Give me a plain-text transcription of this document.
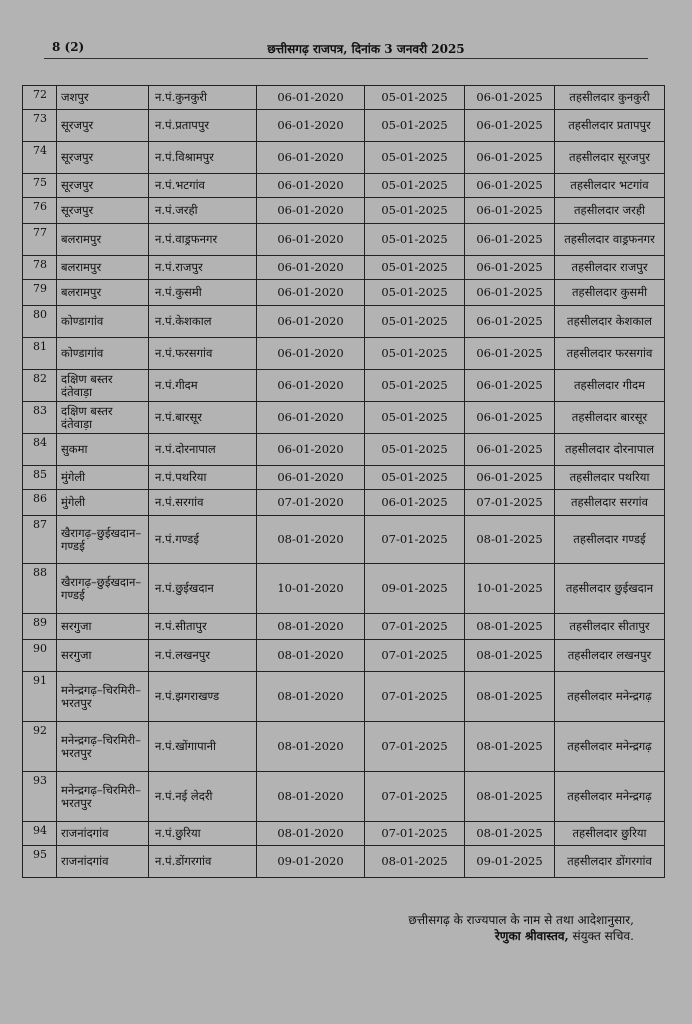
8 (2)	छत्तीसगढ़ राजपत्र, दिनांक 3 जनवरी 2025
72	जशपुर	न.पं.कुनकुरी	06-01-2020	05-01-2025	06-01-2025	तहसीलदार कुनकुरी
73	सूरजपुर	न.पं.प्रतापपुर	06-01-2020	05-01-2025	06-01-2025	तहसीलदार प्रतापपुर
74	सूरजपुर	न.पं.विश्रामपुर	06-01-2020	05-01-2025	06-01-2025	तहसीलदार सूरजपुर
75	सूरजपुर	न.पं.भटगांव	06-01-2020	05-01-2025	06-01-2025	तहसीलदार भटगांव
76	सूरजपुर	न.पं.जरही	06-01-2020	05-01-2025	06-01-2025	तहसीलदार जरही
77	बलरामपुर	न.पं.वाड्रफनगर	06-01-2020	05-01-2025	06-01-2025	तहसीलदार वाड्रफनगर
78	बलरामपुर	न.पं.राजपुर	06-01-2020	05-01-2025	06-01-2025	तहसीलदार राजपुर
79	बलरामपुर	न.पं.कुसमी	06-01-2020	05-01-2025	06-01-2025	तहसीलदार कुसमी
80	कोण्डागांव	न.पं.केशकाल	06-01-2020	05-01-2025	06-01-2025	तहसीलदार केशकाल
81	कोण्डागांव	न.पं.फरसगांव	06-01-2020	05-01-2025	06-01-2025	तहसीलदार फरसगांव
82	दक्षिण बस्तर दंतेवाड़ा	न.पं.गीदम	06-01-2020	05-01-2025	06-01-2025	तहसीलदार गीदम
83	दक्षिण बस्तर दंतेवाड़ा	न.पं.बारसूर	06-01-2020	05-01-2025	06-01-2025	तहसीलदार बारसूर
84	सुकमा	न.पं.दोरनापाल	06-01-2020	05-01-2025	06-01-2025	तहसीलदार दोरनापाल
85	मुंगेली	न.पं.पथरिया	06-01-2020	05-01-2025	06-01-2025	तहसीलदार पथरिया
86	मुंगेली	न.पं.सरगांव	07-01-2020	06-01-2025	07-01-2025	तहसीलदार सरगांव
87	खैरागढ़–छुईखदान–गण्डई	न.पं.गण्डई	08-01-2020	07-01-2025	08-01-2025	तहसीलदार गण्डई
88	खैरागढ़–छुईखदान–गण्डई	न.पं.छुईखदान	10-01-2020	09-01-2025	10-01-2025	तहसीलदार छुईखदान
89	सरगुजा	न.पं.सीतापुर	08-01-2020	07-01-2025	08-01-2025	तहसीलदार सीतापुर
90	सरगुजा	न.पं.लखनपुर	08-01-2020	07-01-2025	08-01-2025	तहसीलदार लखनपुर
91	मनेन्द्रगढ़–चिरमिरी–भरतपुर	न.पं.झगराखण्ड	08-01-2020	07-01-2025	08-01-2025	तहसीलदार मनेन्द्रगढ़
92	मनेन्द्रगढ़–चिरमिरी–भरतपुर	न.पं.खोंगापानी	08-01-2020	07-01-2025	08-01-2025	तहसीलदार मनेन्द्रगढ़
93	मनेन्द्रगढ़–चिरमिरी–भरतपुर	न.पं.नई लेदरी	08-01-2020	07-01-2025	08-01-2025	तहसीलदार मनेन्द्रगढ़
94	राजनांदगांव	न.पं.छुरिया	08-01-2020	07-01-2025	08-01-2025	तहसीलदार छुरिया
95	राजनांदगांव	न.पं.डोंगरगांव	09-01-2020	08-01-2025	09-01-2025	तहसीलदार डोंगरगांव
छत्तीसगढ़ के राज्यपाल के नाम से तथा आदेशानुसार,
रेणुका श्रीवास्तव, संयुक्त सचिव.
